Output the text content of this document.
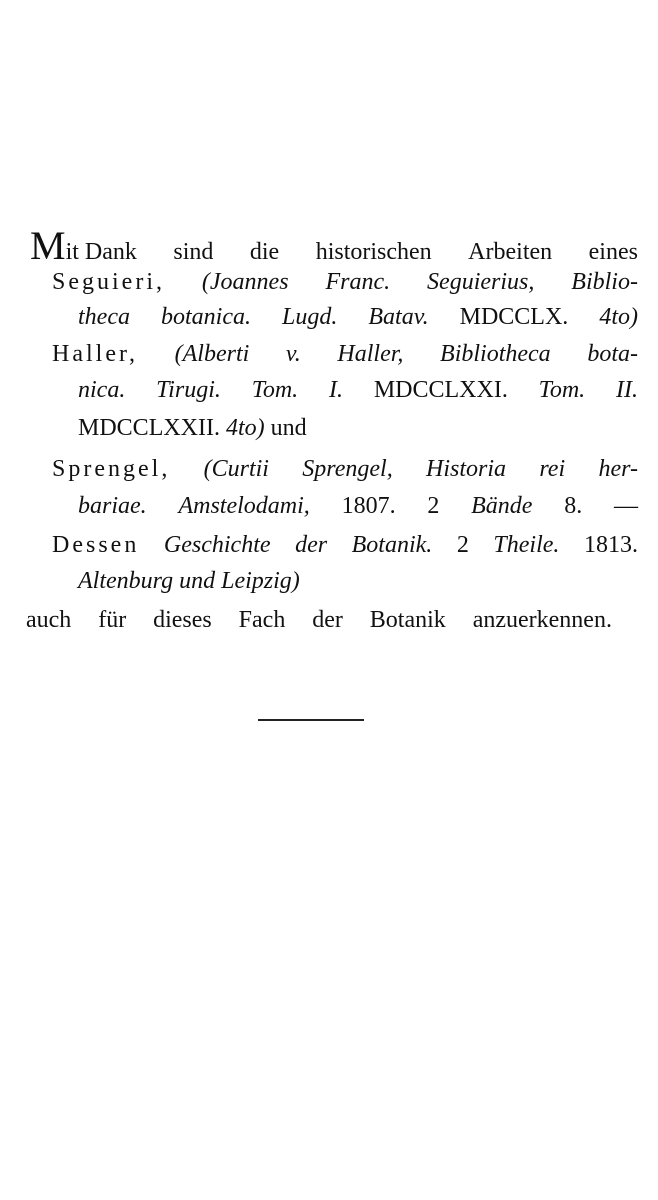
Mit Dank sind die historischen Arbeiten eines
Seguieri, (Joannes Franc. Seguierius, Biblio-
theca botanica. Lugd. Batav. MDCCLX. 4to)
Haller, (Alberti v. Haller, Bibliotheca bota-
nica. Tirugi. Tom. I. MDCCLXXI. Tom. II.
MDCCLXXII. 4to) und
Sprengel, (Curtii Sprengel, Historia rei her-
bariae. Amstelodami, 1807. 2 Bände 8. —
Dessen Geschichte der Botanik. 2 Theile. 1813.
Altenburg und Leipzig)
auch für dieses Fach der Botanik anzuerkennen.
